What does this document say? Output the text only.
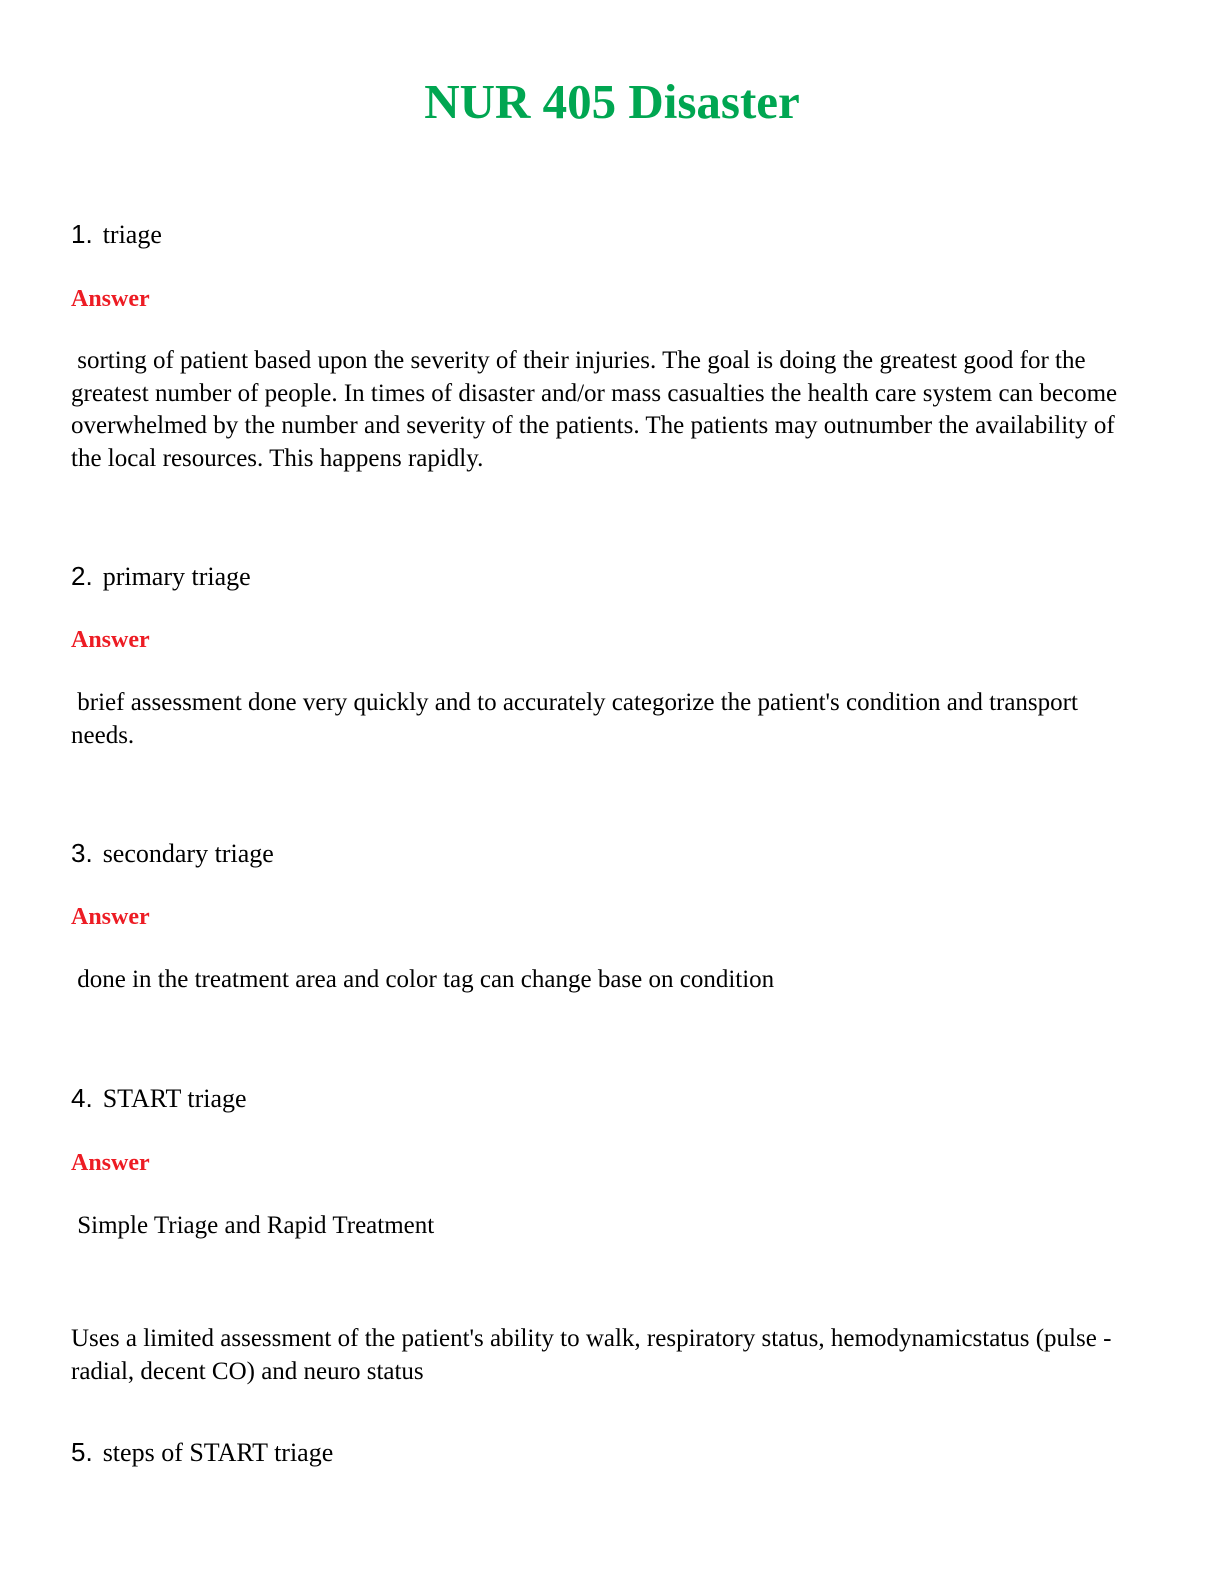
NUR 405 Disaster
1. triage
Answer
sorting of patient based upon the severity of their injuries. The goal is doing the greatest good for the greatest number of people. In times of disaster and/or mass casualties the health care system can become overwhelmed by the number and severity of the patients. The patients may outnumber the availability of the local resources. This happens rapidly.
2. primary triage
Answer
brief assessment done very quickly and to accurately categorize the patient's condition and transport needs.
3. secondary triage
Answer
done in the treatment area and color tag can change base on condition
4. START triage
Answer
Simple Triage and Rapid Treatment
Uses a limited assessment of the patient's ability to walk, respiratory status, hemodynamicstatus (pulse - radial, decent CO) and neuro status
5. steps of START triage
